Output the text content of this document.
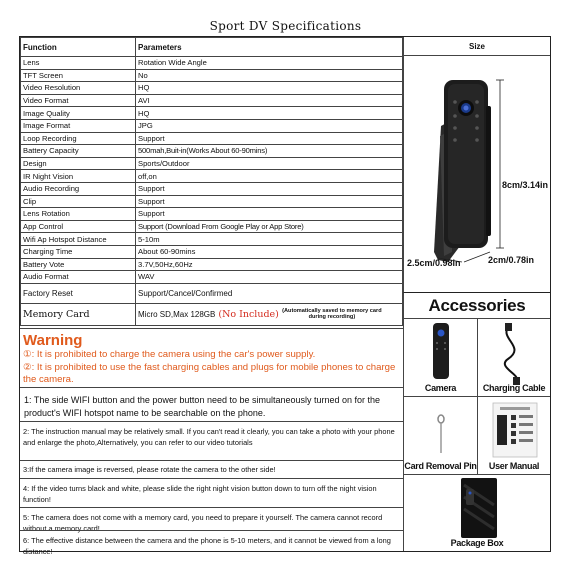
Sport DV Specifications
Function	Parameters
Lens	Rotation Wide Angle
TFT Screen	No
Video Resolution	HQ
Video Format	AVI
Image Quality	HQ
Image Format	JPG
Loop Recording	Support
Battery Capacity	500mah,Buit-in(Works About 60-90mins)
Design	Sports/Outdoor
IR Night Vision	off,on
Audio Recording	Support
Clip	Support
Lens Rotation	Support
App Control	Support (Download From Google Play or App Store)
Wifi Ap Hotspot Distance	5-10m
Charging Time	About 60-90mins
Battery Vote	3.7V,50Hz,60Hz
Audio Format	WAV
Factory Reset	Support/Cancel/Confirmed
Memory Card	Micro SD,Max 128GB (No Include) (Automatically saved to memory card during recording)
Size
8cm/3.14in
2.5cm/0.98in	2cm/0.78in
Accessories
Camera	Charging Cable
Card Removal Pin	User Manual
Package Box
Warning
①: It is prohibited to charge the camera using the car's power supply.
②: It is prohibited to use the fast charging cables and plugs for mobile phones to charge the camera.
1: The side WIFI button and the power button need to be simultaneously turned on for the product's WIFI hotspot name to be searchable on the phone.
2: The instruction manual may be relatively small. If you can't read it clearly, you can take a photo with your phone and enlarge the photo,Alternatively, you can refer to our video tutorials
3:If the camera image is reversed, please rotate the camera to the other side!
4: If the video turns black and white, please slide the right night vision button down to turn off the night vision function!
5: The camera does not come with a memory card, you need to prepare it yourself. The camera cannot record without a memory card!
6: The effective distance between the camera and the phone is 5-10 meters, and it cannot be viewed from a long distance!
